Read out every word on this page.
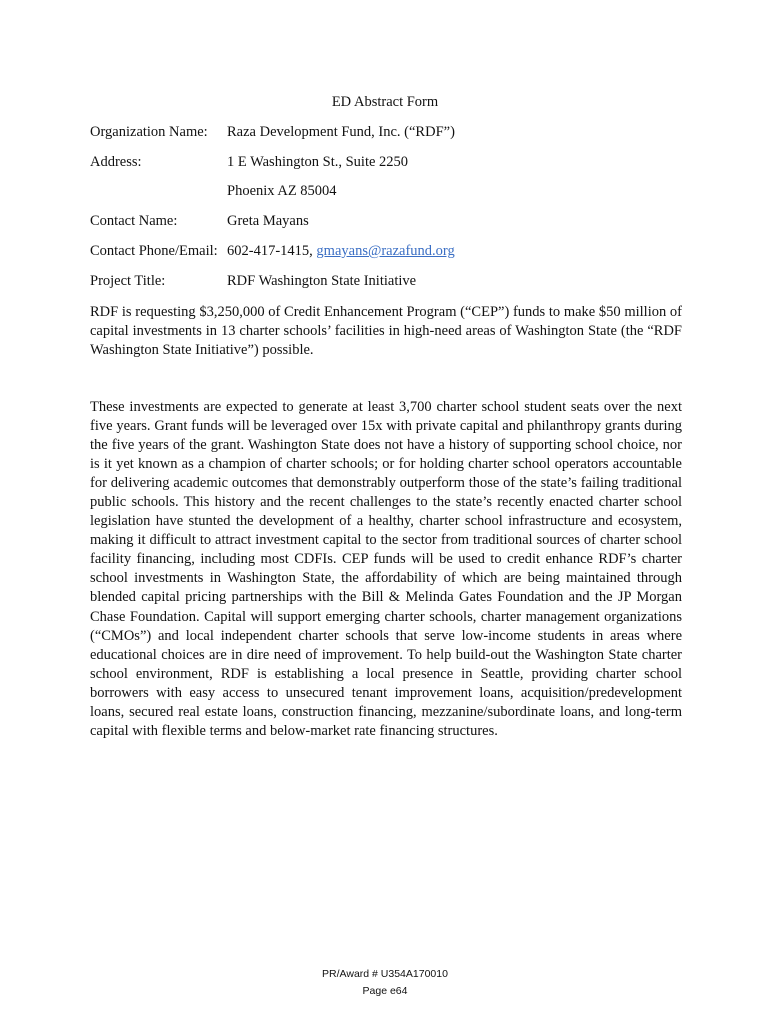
ED Abstract Form
Organization Name: Raza Development Fund, Inc. (“RDF”)
Address:	1 E Washington St., Suite 2250
Phoenix AZ 85004
Contact Name:	Greta Mayans
Contact Phone/Email: 602-417-1415, gmayans@razafund.org
Project Title:	RDF Washington State Initiative

RDF is requesting $3,250,000 of Credit Enhancement Program (“CEP”) funds to make $50 million of capital investments in 13 charter schools’ facilities in high-need areas of Washington State (the “RDF Washington State Initiative”) possible.

These investments are expected to generate at least 3,700 charter school student seats over the next five years. Grant funds will be leveraged over 15x with private capital and philanthropy grants during the five years of the grant. Washington State does not have a history of supporting school choice, nor is it yet known as a champion of charter schools; or for holding charter school operators accountable for delivering academic outcomes that demonstrably outperform those of the state’s failing traditional public schools. This history and the recent challenges to the state’s recently enacted charter school legislation have stunted the development of a healthy, charter school infrastructure and ecosystem, making it difficult to attract investment capital to the sector from traditional sources of charter school facility financing, including most CDFIs. CEP funds will be used to credit enhance RDF’s charter school investments in Washington State, the affordability of which are being maintained through blended capital pricing partnerships with the Bill & Melinda Gates Foundation and the JP Morgan Chase Foundation. Capital will support emerging charter schools, charter management organizations (“CMOs”) and local independent charter schools that serve low-income students in areas where educational choices are in dire need of improvement. To help build-out the Washington State charter school environment, RDF is establishing a local presence in Seattle, providing charter school borrowers with easy access to unsecured tenant improvement loans, acquisition/predevelopment loans, secured real estate loans, construction financing, mezzanine/subordinate loans, and long-term capital with flexible terms and below-market rate financing structures.

PR/Award # U354A170010
Page e64
